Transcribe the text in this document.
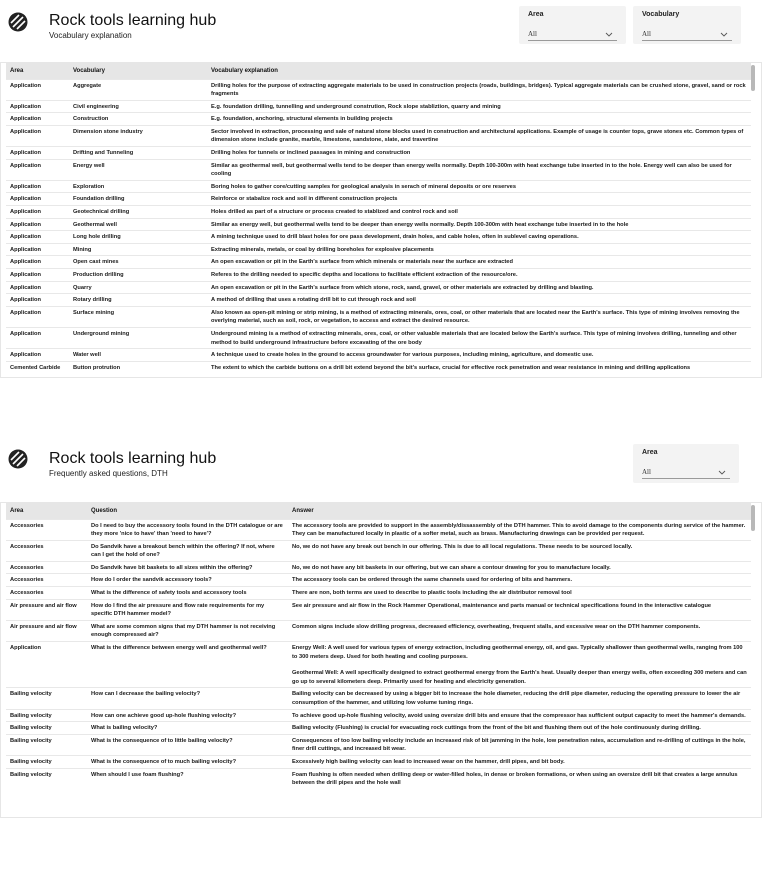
Rock tools learning hub
Vocabulary explanation
Area
All
Vocabulary
All
Area	Vocabulary	Vocabulary explanation
Application	Aggregate	Drilling holes for the purpose of extracting aggregate materials to be used in construction projects (roads, buildings, bridges). Typical aggregate materials can be crushed stone, gravel, sand or rock fragments
Application	Civil engineering	E.g. foundation drilling, tunnelling and underground constrution, Rock slope stabliztion, quarry and mining
Application	Construction	E.g. foundation, anchoring, structural elements in building projects
Application	Dimension stone industry	Sector involved in extraction, processing and sale of natural stone blocks used in construction and architectural applications. Example of usage is counter tops, grave stones etc. Common types of dimension stone include granite, marble, limestone, sandstone, slate, and travertine
Application	Drifting and Tunneling	Drilling holes for tunnels or inclined passages in mining and construction
Application	Energy well	Similar as geothermal well, but geothermal wells tend to be deeper than energy wells normally. Depth 100-300m with heat exchange tube inserted in to the hole. Energy well can also be used for cooling
Application	Exploration	Boring holes to gather core/cutting samples for geological analysis in serach of mineral deposits or ore reserves
Application	Foundation drilling	Reinforce or stabalize rock and soil in different construction projects
Application	Geotechnical drilling	Holes drilled as part of a structure or process created to stablized and control rock and soil
Application	Geothermal well	Similar as energy well, but geothermal wells tend to be deeper than energy wells normally. Depth 100-300m with heat exchange tube inserted in to the hole
Application	Long hole drilling	A mining technique used to drill blast holes for ore pass development, drain holes, and cable holes, often in sublevel caving operations.
Application	Mining	Extracting minerals, metals, or coal by drilling boreholes for explosive placements
Application	Open cast mines	An open excavation or pit in the Earth's surface from which minerals or materials near the surface are extracted
Application	Production drilling	Referes to the drilling needed to specific depths and locations to facilitate efficient extraction of the resource/ore.
Application	Quarry	An open excavation or pit in the Earth's surface from which stone, rock, sand, gravel, or other materials are extracted by drilling and blasting.
Application	Rotary drilling	A method of drilling that uses a rotating drill bit to cut through rock and soil
Application	Surface mining	Also known as open-pit mining or strip mining, is a method of extracting minerals, ores, coal, or other materials that are located near the Earth's surface. This type of mining involves removing the overlying material, such as soil, rock, or vegetation, to access and extract the desired resource.
Application	Underground mining	Underground mining is a method of extracting minerals, ores, coal, or other valuable materials that are located below the Earth's surface. This type of mining involves drilling, tunneling and other method to build underground infrastructure before excavating of the ore body
Application	Water well	A technique used to create holes in the ground to access groundwater for various purposes, including mining, agriculture, and domestic use.
Cemented Carbide	Button protrution	The extent to which the carbide buttons on a drill bit extend beyond the bit's surface, crucial for effective rock penetration and wear resistance in mining and drilling applications
Rock tools learning hub
Frequently asked questions, DTH
Area
All
Area	Question	Answer
Accessories	Do I need to buy the accessory tools found in the DTH catalogue or are they more 'nice to have' than 'need to have'?	The accessory tools are provided to support in the assembly/dissassembly of the DTH hammer. This to avoid damage to the components during service of the hammer. They can be manufactured locally in plastic of a softer metal, such as brass. Manufacturing drawings can be provided per request.

Accessories	Do Sandvik have a breakout bench within the offering? If not, where can I get the hold of one?	No, we do not have any break out bench in our offering. This is due to all local regulations. These needs to be sourced locally.

Accessories	Do Sandvik have bit baskets to all sizes within the offering?	No, we do not have any bit baskets in our offering, but we can share a contour drawing for you to manufacture locally.

Accessories	How do I order the sandvik accessory tools?	The accessory tools can be ordered through the same channels used for ordering of bits and hammers.

Accessories	What is the difference of safety tools and accessory tools	There are non, both terms are used to describe to plastic tools including the air distributor removal tool

Air pressure and air flow	How do I find the air pressure and flow rate requirements for my specific DTH hammer model?	See air pressure and air flow in the Rock Hammer Operational, maintenance and parts manual or technical specifications found in the interactive catalogue

Air pressure and air flow	What are some common signs that my DTH hammer is not receiving enough compressed air?	Common signs include slow drilling progress, decreased efficiency, overheating, frequent stalls, and excessive wear on the DTH hammer components.

Application	What is the difference between energy well and geothermal well?	Energy Well: A well used for various types of energy extraction, including geothermal energy, oil, and gas. Typically shallower than geothermal wells, ranging from 100 to 300 meters deep. Used for both heating and cooling purposes.
Geothermal Well: A well specifically designed to extract geothermal energy from the Earth's heat. Usually deeper than energy wells, often exceeding 300 meters and can go up to several kilometers deep. Primarily used for heating and electricity generation.

Bailing velocity	How can I decrease the bailing velocity?	Bailing velocity can be decreased by using a bigger bit to increase the hole diameter, reducing the drill pipe diameter, reducing the operating pressure to lower the air consumption of the hammer, and utilizing low volume tuning rings.

Bailing velocity	How can one achieve good up-hole flushing velocity?	To achieve good up-hole flushing velocity, avoid using oversize drill bits and ensure that the compressor has sufficient output capacity to meet the hammer's demands.

Bailing velocity	What is bailing velocity?	Bailing velocity (Flushing) is crucial for evacuating rock cuttings from the front of the bit and flushing them out of the hole continuously during drilling.

Bailing velocity	What is the consequence of to little bailing velocity?	Consequences of too low bailing velocity include an increased risk of bit jamming in the hole, low penetration rates, accumulation and re-drilling of cuttings in the hole, finer drill cuttings, and increased bit wear.

Bailing velocity	What is the consequence of to much bailing velocity?	Excessively high bailing velocity can lead to increased wear on the hammer, drill pipes, and bit body.

Bailing velocity	When should I use foam flushing?	Foam flushing is often needed when drilling deep or water-filled holes, in dense or broken formations, or when using an oversize drill bit that creates a large annulus between the drill pipes and the hole wall
